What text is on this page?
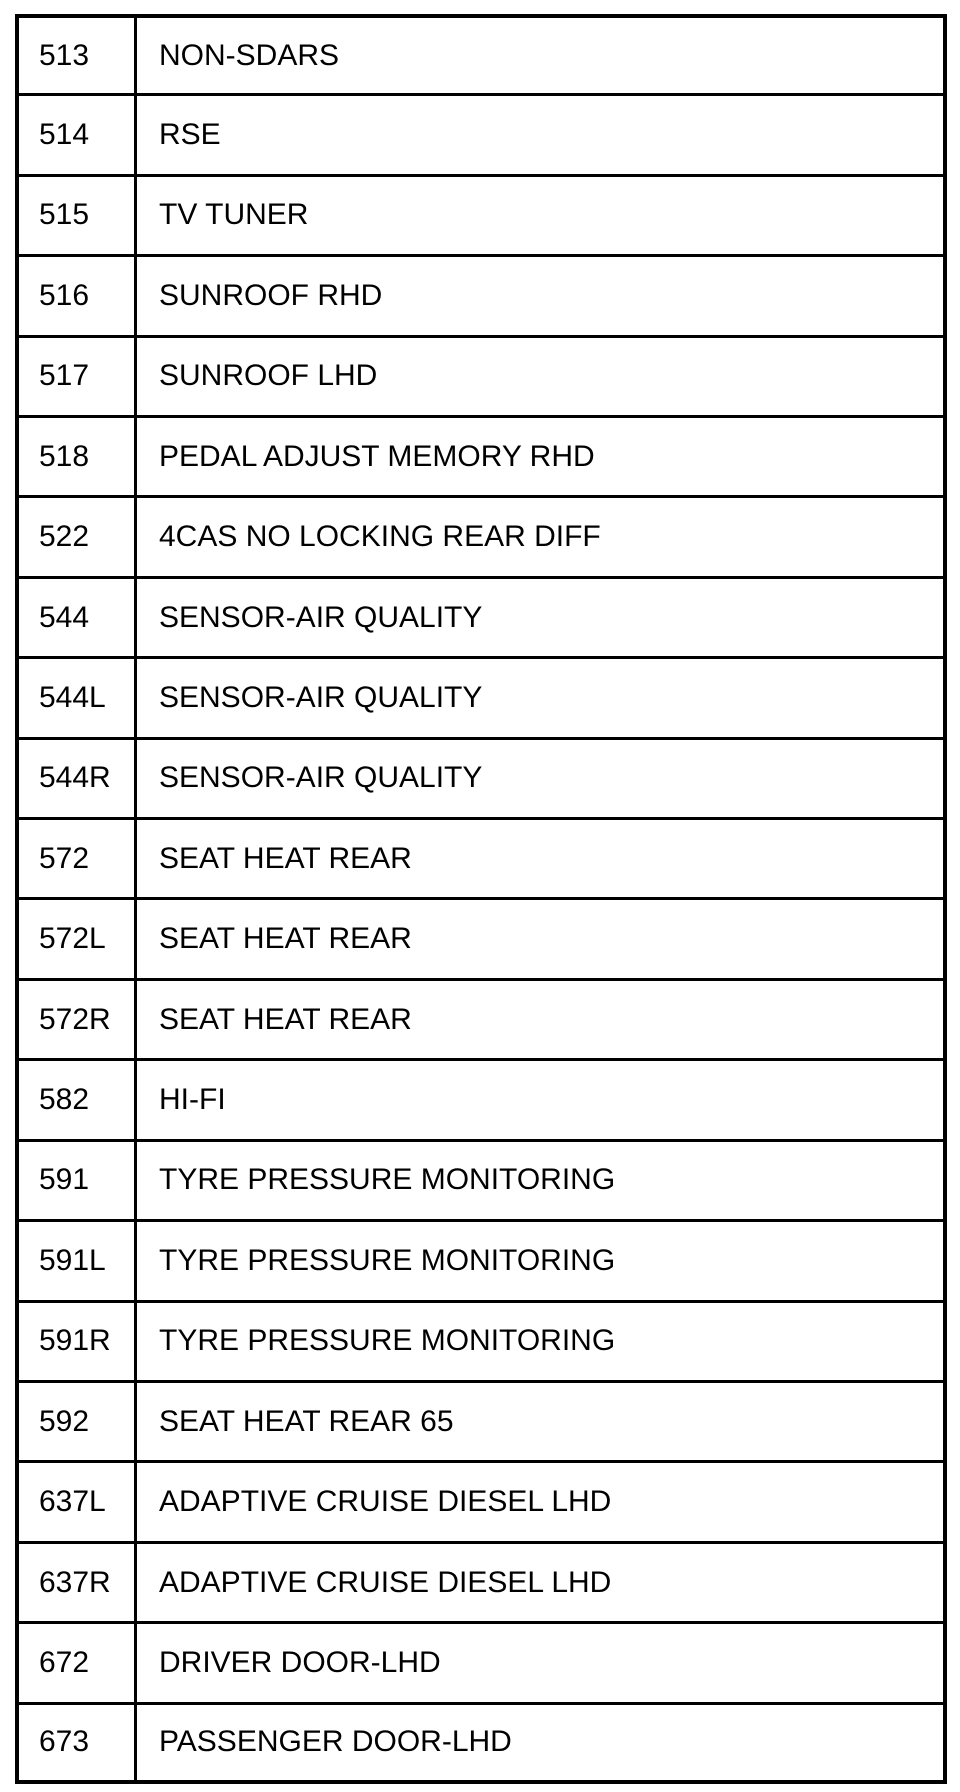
513	NON-SDARS
514	RSE
515	TV TUNER
516	SUNROOF RHD
517	SUNROOF LHD
518	PEDAL ADJUST MEMORY RHD
522	4CAS NO LOCKING REAR DIFF
544	SENSOR-AIR QUALITY
544L	SENSOR-AIR QUALITY
544R	SENSOR-AIR QUALITY
572	SEAT HEAT REAR
572L	SEAT HEAT REAR
572R	SEAT HEAT REAR
582	HI-FI
591	TYRE PRESSURE MONITORING
591L	TYRE PRESSURE MONITORING
591R	TYRE PRESSURE MONITORING
592	SEAT HEAT REAR 65
637L	ADAPTIVE CRUISE DIESEL LHD
637R	ADAPTIVE CRUISE DIESEL LHD
672	DRIVER DOOR-LHD
673	PASSENGER DOOR-LHD
